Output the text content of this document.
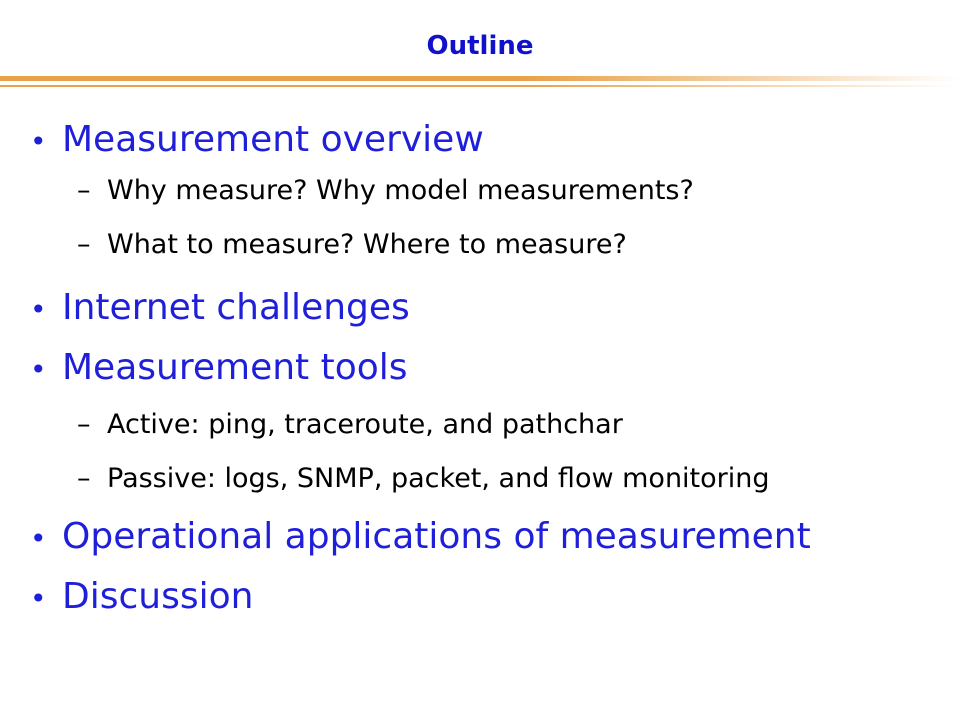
Outline
• Measurement overview
– Why measure? Why model measurements?
– What to measure? Where to measure?
• Internet challenges
• Measurement tools
– Active: ping, traceroute, and pathchar
– Passive: logs, SNMP, packet, and flow monitoring
• Operational applications of measurement
• Discussion
